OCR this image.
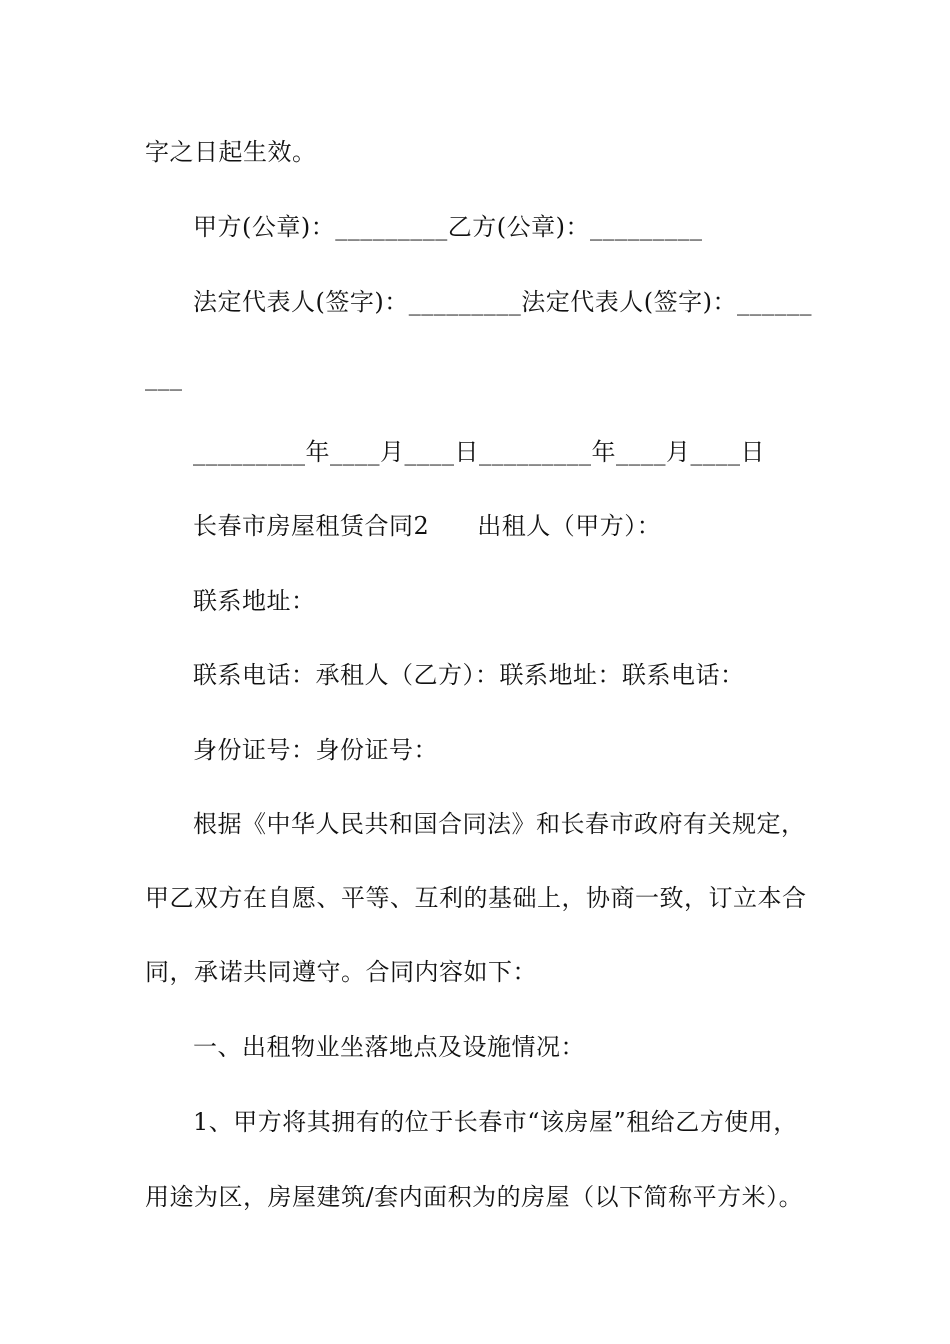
字之日起生效。
甲方(公章)：_________乙方(公章)：_________
法定代表人(签字)：_________法定代表人(签字)：______
___
_________年____月____日_________年____月____日
长春市房屋租赁合同2 出租人（甲方）：
联系地址：
联系电话：承租人（乙方）：联系地址：联系电话：
身份证号：身份证号：
根据《中华人民共和国合同法》和长春市政府有关规定，
甲乙双方在自愿、平等、互利的基础上，协商一致，订立本合
同，承诺共同遵守。合同内容如下：
一、出租物业坐落地点及设施情况：
1、甲方将其拥有的位于长春市“该房屋”租给乙方使用，
用途为区，房屋建筑/套内面积为的房屋（以下简称平方米）。
